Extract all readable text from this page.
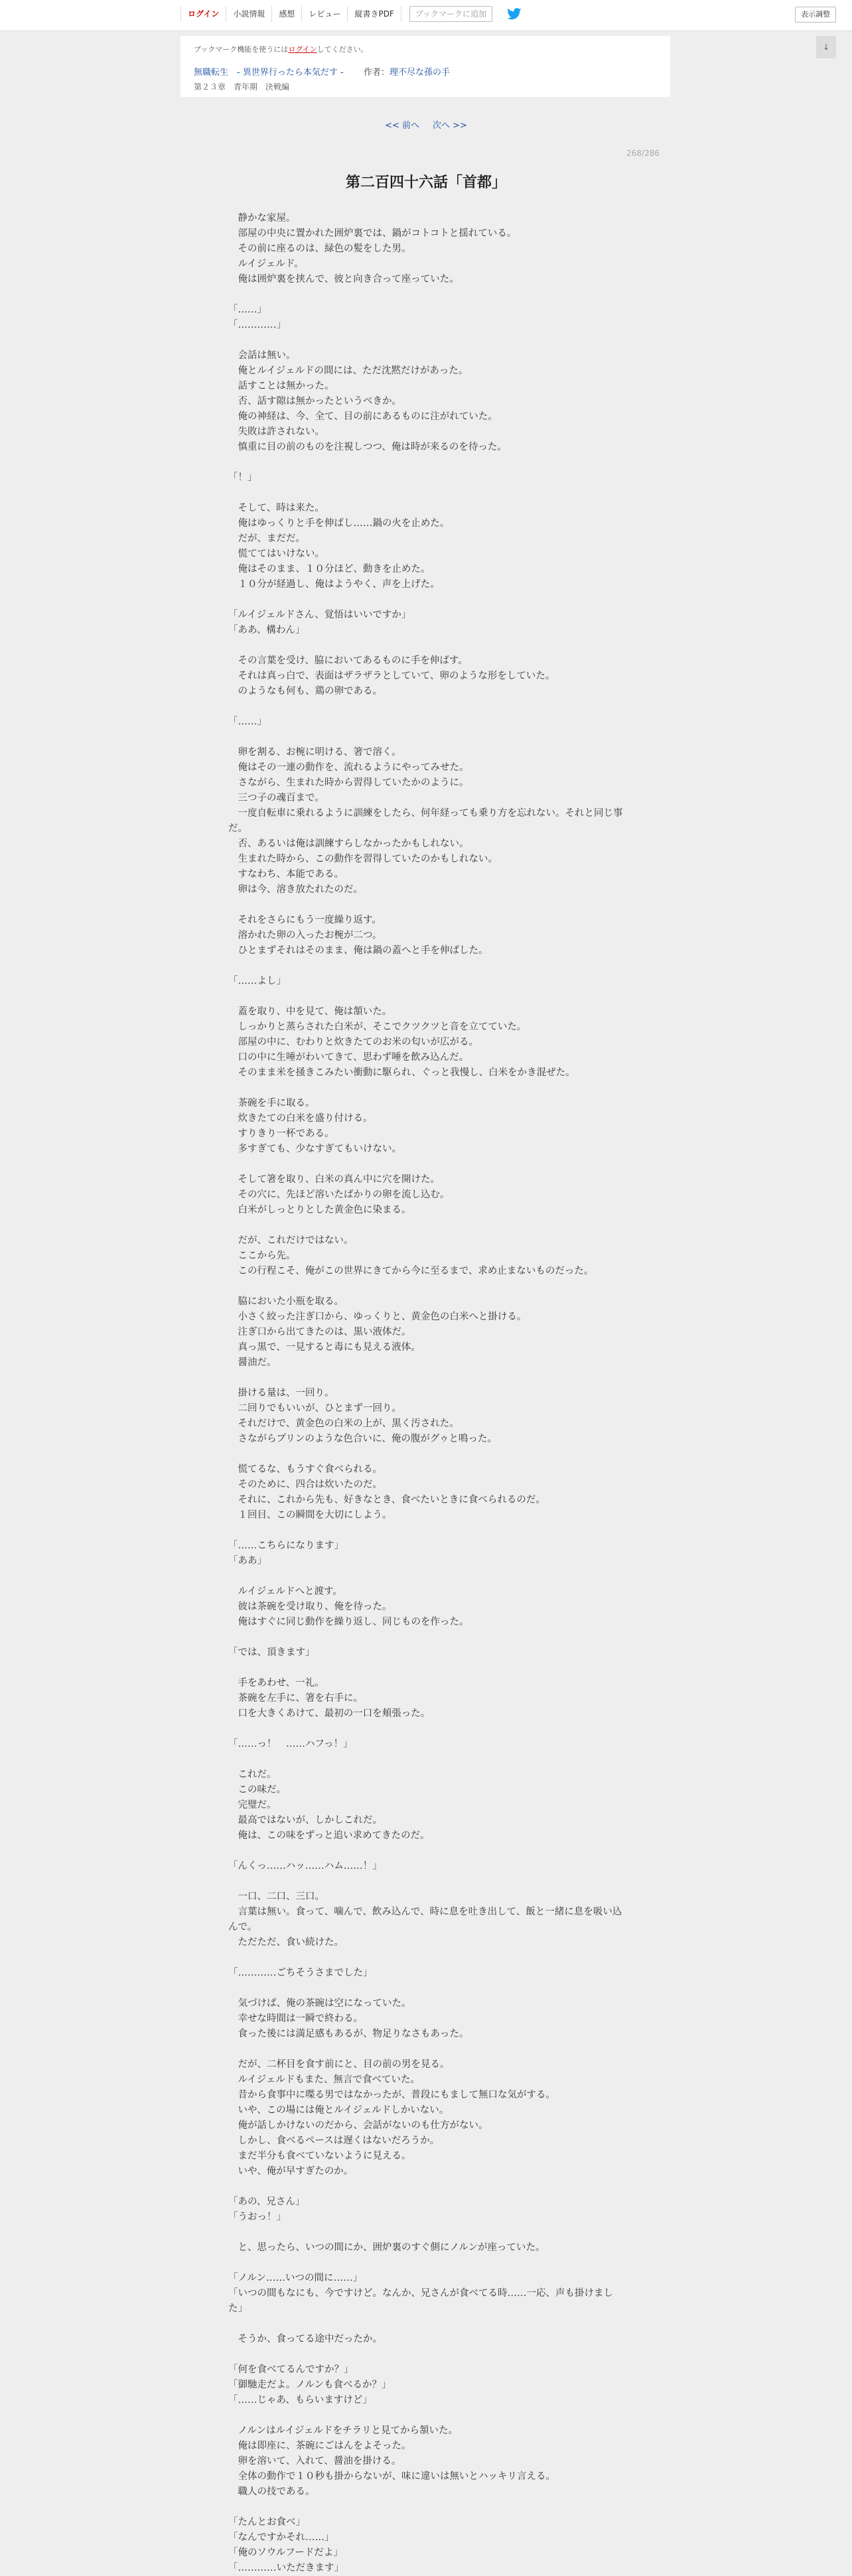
ログイン	小説情報	感想	レビュー	縦書きPDF	ブックマークに追加	表示調整
↓
ブックマーク機能を使うにはログインしてください。
無職転生　- 異世界行ったら本気だす - 作者：理不尽な孫の手
第２３章　青年期　決戦編
<< 前へ 次へ >>
268/286
第二百四十六話「首都」
　静かな家屋。
　部屋の中央に置かれた囲炉裏では、鍋がコトコトと揺れている。
　その前に座るのは、緑色の髪をした男。
　ルイジェルド。
　俺は囲炉裏を挟んで、彼と向き合って座っていた。
「……」
「…………」
　会話は無い。
　俺とルイジェルドの間には、ただ沈黙だけがあった。
　話すことは無かった。
　否、話す隙は無かったというべきか。
　俺の神経は、今、全て、目の前にあるものに注がれていた。
　失敗は許されない。
　慎重に目の前のものを注視しつつ、俺は時が来るのを待った。
「！」
　そして、時は来た。
　俺はゆっくりと手を伸ばし……鍋の火を止めた。
　だが、まだだ。
　慌ててはいけない。
　俺はそのまま、１０分ほど、動きを止めた。
　１０分が経過し、俺はようやく、声を上げた。
「ルイジェルドさん、覚悟はいいですか」
「ああ、構わん」
　その言葉を受け、脇においてあるものに手を伸ばす。
　それは真っ白で、表面はザラザラとしていて、卵のような形をしていた。
　のようなも何も、鶏の卵である。
「……」
　卵を割る、お椀に明ける、箸で溶く。
　俺はその一連の動作を、流れるようにやってみせた。
　さながら、生まれた時から習得していたかのように。
　三つ子の魂百まで。
　一度自転車に乗れるように訓練をしたら、何年経っても乗り方を忘れない。それと同じ事だ。
　否、あるいは俺は訓練すらしなかったかもしれない。
　生まれた時から、この動作を習得していたのかもしれない。
　すなわち、本能である。
　卵は今、溶き放たれたのだ。
　それをさらにもう一度繰り返す。
　溶かれた卵の入ったお椀が二つ。
　ひとまずそれはそのまま、俺は鍋の蓋へと手を伸ばした。
「……よし」
　蓋を取り、中を見て、俺は頷いた。
　しっかりと蒸らされた白米が、そこでクツクツと音を立てていた。
　部屋の中に、むわりと炊きたてのお米の匂いが広がる。
　口の中に生唾がわいてきて、思わず唾を飲み込んだ。
　そのまま米を掻きこみたい衝動に駆られ、ぐっと我慢し、白米をかき混ぜた。
　茶碗を手に取る。
　炊きたての白米を盛り付ける。
　すりきり一杯である。
　多すぎても、少なすぎてもいけない。
　そして箸を取り、白米の真ん中に穴を開けた。
　その穴に、先ほど溶いたばかりの卵を流し込む。
　白米がしっとりとした黄金色に染まる。
　だが、これだけではない。
　ここから先。
　この行程こそ、俺がこの世界にきてから今に至るまで、求め止まないものだった。
　脇においた小瓶を取る。
　小さく絞った注ぎ口から、ゆっくりと、黄金色の白米へと掛ける。
　注ぎ口から出てきたのは、黒い液体だ。
　真っ黒で、一見すると毒にも見える液体。
　醤油だ。
　掛ける量は、一回り。
　二回りでもいいが、ひとまず一回り。
　それだけで、黄金色の白米の上が、黒く汚された。
　さながらプリンのような色合いに、俺の腹がグゥと鳴った。
　慌てるな、もうすぐ食べられる。
　そのために、四合は炊いたのだ。
　それに、これから先も、好きなとき、食べたいときに食べられるのだ。
　１回目、この瞬間を大切にしよう。
「……こちらになります」
「ああ」
　ルイジェルドへと渡す。
　彼は茶碗を受け取り、俺を待った。
　俺はすぐに同じ動作を繰り返し、同じものを作った。
「では、頂きます」
　手をあわせ、一礼。
　茶碗を左手に、箸を右手に。
　口を大きくあけて、最初の一口を頬張った。
「……っ！　……ハフっ！」
　これだ。
　この味だ。
　完璧だ。
　最高ではないが、しかしこれだ。
　俺は、この味をずっと追い求めてきたのだ。
「んくっ……ハッ……ハム……！」
　一口、二口、三口。
　言葉は無い。食って、噛んで、飲み込んで、時に息を吐き出して、飯と一緒に息を吸い込んで。
　ただただ、食い続けた。
「…………ごちそうさまでした」
　気づけば、俺の茶碗は空になっていた。
　幸せな時間は一瞬で終わる。
　食った後には満足感もあるが、物足りなさもあった。
　だが、二杯目を食す前にと、目の前の男を見る。
　ルイジェルドもまた、無言で食べていた。
　昔から食事中に喋る男ではなかったが、普段にもまして無口な気がする。
　いや、この場には俺とルイジェルドしかいない。
　俺が話しかけないのだから、会話がないのも仕方がない。
　しかし、食べるペースは遅くはないだろうか。
　まだ半分も食べていないように見える。
　いや、俺が早すぎたのか。
「あの、兄さん」
「うおっ！」
　と、思ったら、いつの間にか、囲炉裏のすぐ側にノルンが座っていた。
「ノルン……いつの間に……」
「いつの間もなにも、今ですけど。なんか、兄さんが食べてる時……一応、声も掛けました」
　そうか、食ってる途中だったか。
「何を食べてるんですか？」
「御馳走だよ。ノルンも食べるか？」
「……じゃあ、もらいますけど」
　ノルンはルイジェルドをチラリと見てから頷いた。
　俺は即座に、茶碗にごはんをよそった。
　卵を溶いて、入れて、醤油を掛ける。
　全体の動作で１０秒も掛からないが、味に違いは無いとハッキリ言える。
　職人の技である。
「たんとお食べ」
「なんですかそれ……」
「俺のソウルフードだよ」
「…………いただきます」
